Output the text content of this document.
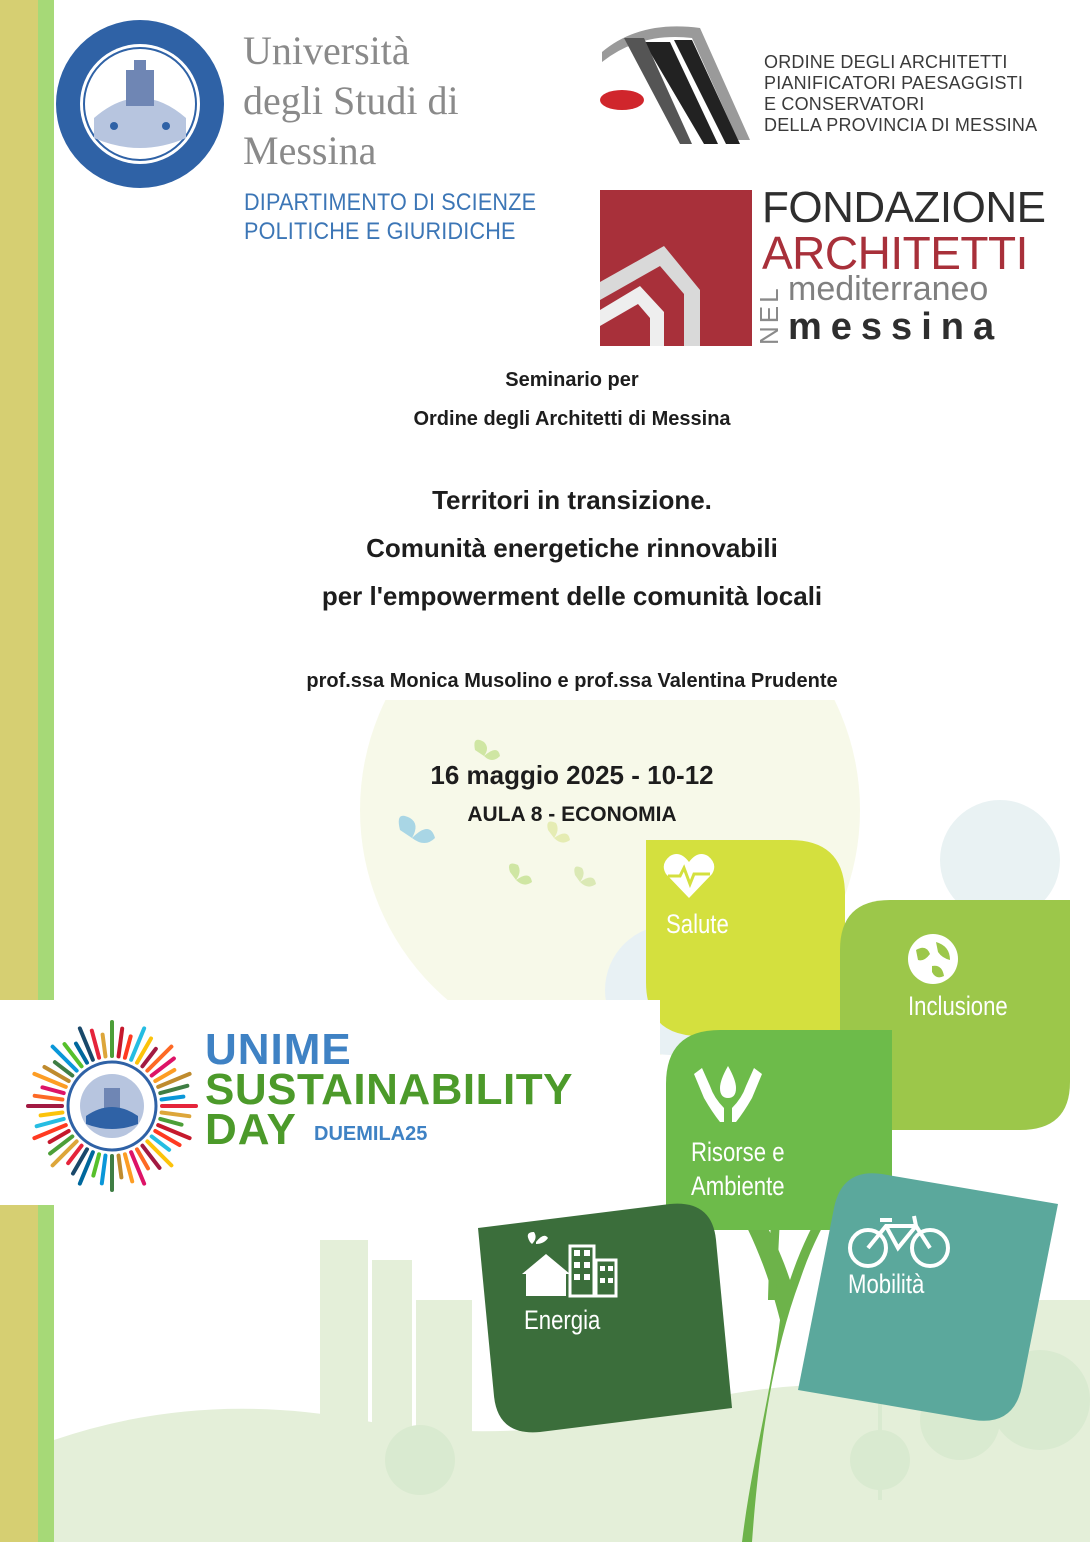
Università
degli Studi di
Messina
DIPARTIMENTO DI SCIENZE
POLITICHE E GIURIDICHE
ORDINE DEGLI ARCHITETTI
PIANIFICATORI PAESAGGISTI
E CONSERVATORI
DELLA PROVINCIA DI MESSINA
FONDAZIONE
ARCHITETTI
NEL mediterraneo
messina
Seminario per
Ordine degli Architetti di Messina
Territori in transizione.
Comunità energetiche rinnovabili
per l'empowerment delle comunità locali
prof.ssa Monica Musolino e prof.ssa Valentina Prudente
16 maggio 2025 - 10-12
AULA 8 - ECONOMIA
UNIME
SUSTAINABILITY
DAY DUEMILA25
Salute
Inclusione
Risorse e
Ambiente
Energia
Mobilità
